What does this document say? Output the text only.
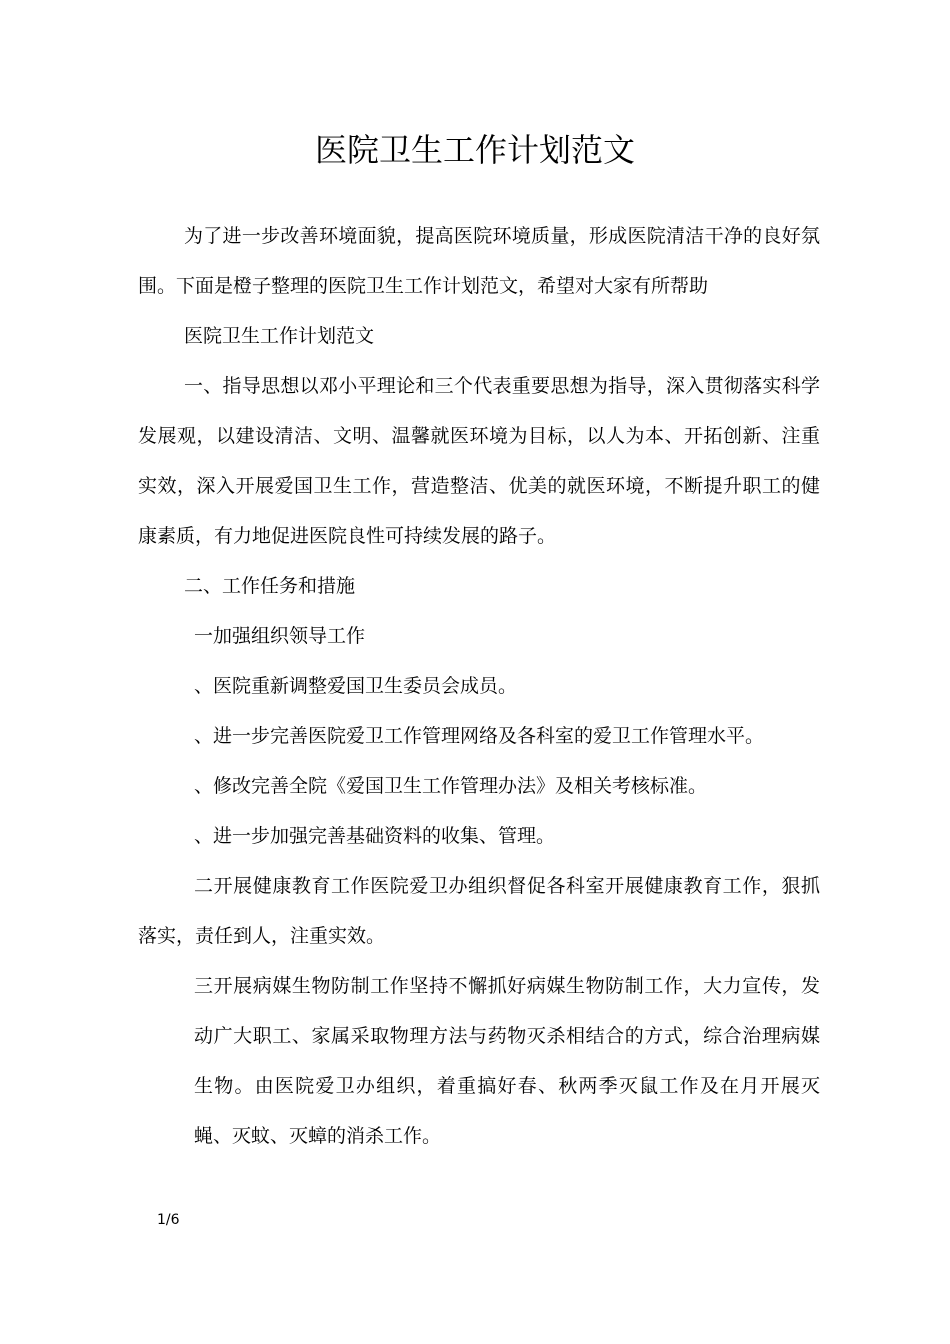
医院卫生工作计划范文

为了进一步改善环境面貌，提高医院环境质量，形成医院清洁干净的良好氛围。下面是橙子整理的医院卫生工作计划范文，希望对大家有所帮助

医院卫生工作计划范文

一、指导思想以邓小平理论和三个代表重要思想为指导，深入贯彻落实科学发展观，以建设清洁、文明、温馨就医环境为目标，以人为本、开拓创新、注重实效，深入开展爱国卫生工作，营造整洁、优美的就医环境，不断提升职工的健康素质，有力地促进医院良性可持续发展的路子。

二、工作任务和措施

一加强组织领导工作

、医院重新调整爱国卫生委员会成员。

、进一步完善医院爱卫工作管理网络及各科室的爱卫工作管理水平。

、修改完善全院《爱国卫生工作管理办法》及相关考核标准。

、进一步加强完善基础资料的收集、管理。

二开展健康教育工作医院爱卫办组织督促各科室开展健康教育工作，狠抓落实，责任到人，注重实效。

三开展病媒生物防制工作坚持不懈抓好病媒生物防制工作，大力宣传，发动广大职工、家属采取物理方法与药物灭杀相结合的方式，综合治理病媒生物。由医院爱卫办组织，着重搞好春、秋两季灭鼠工作及在月开展灭蝇、灭蚊、灭蟑的消杀工作。

1/6
